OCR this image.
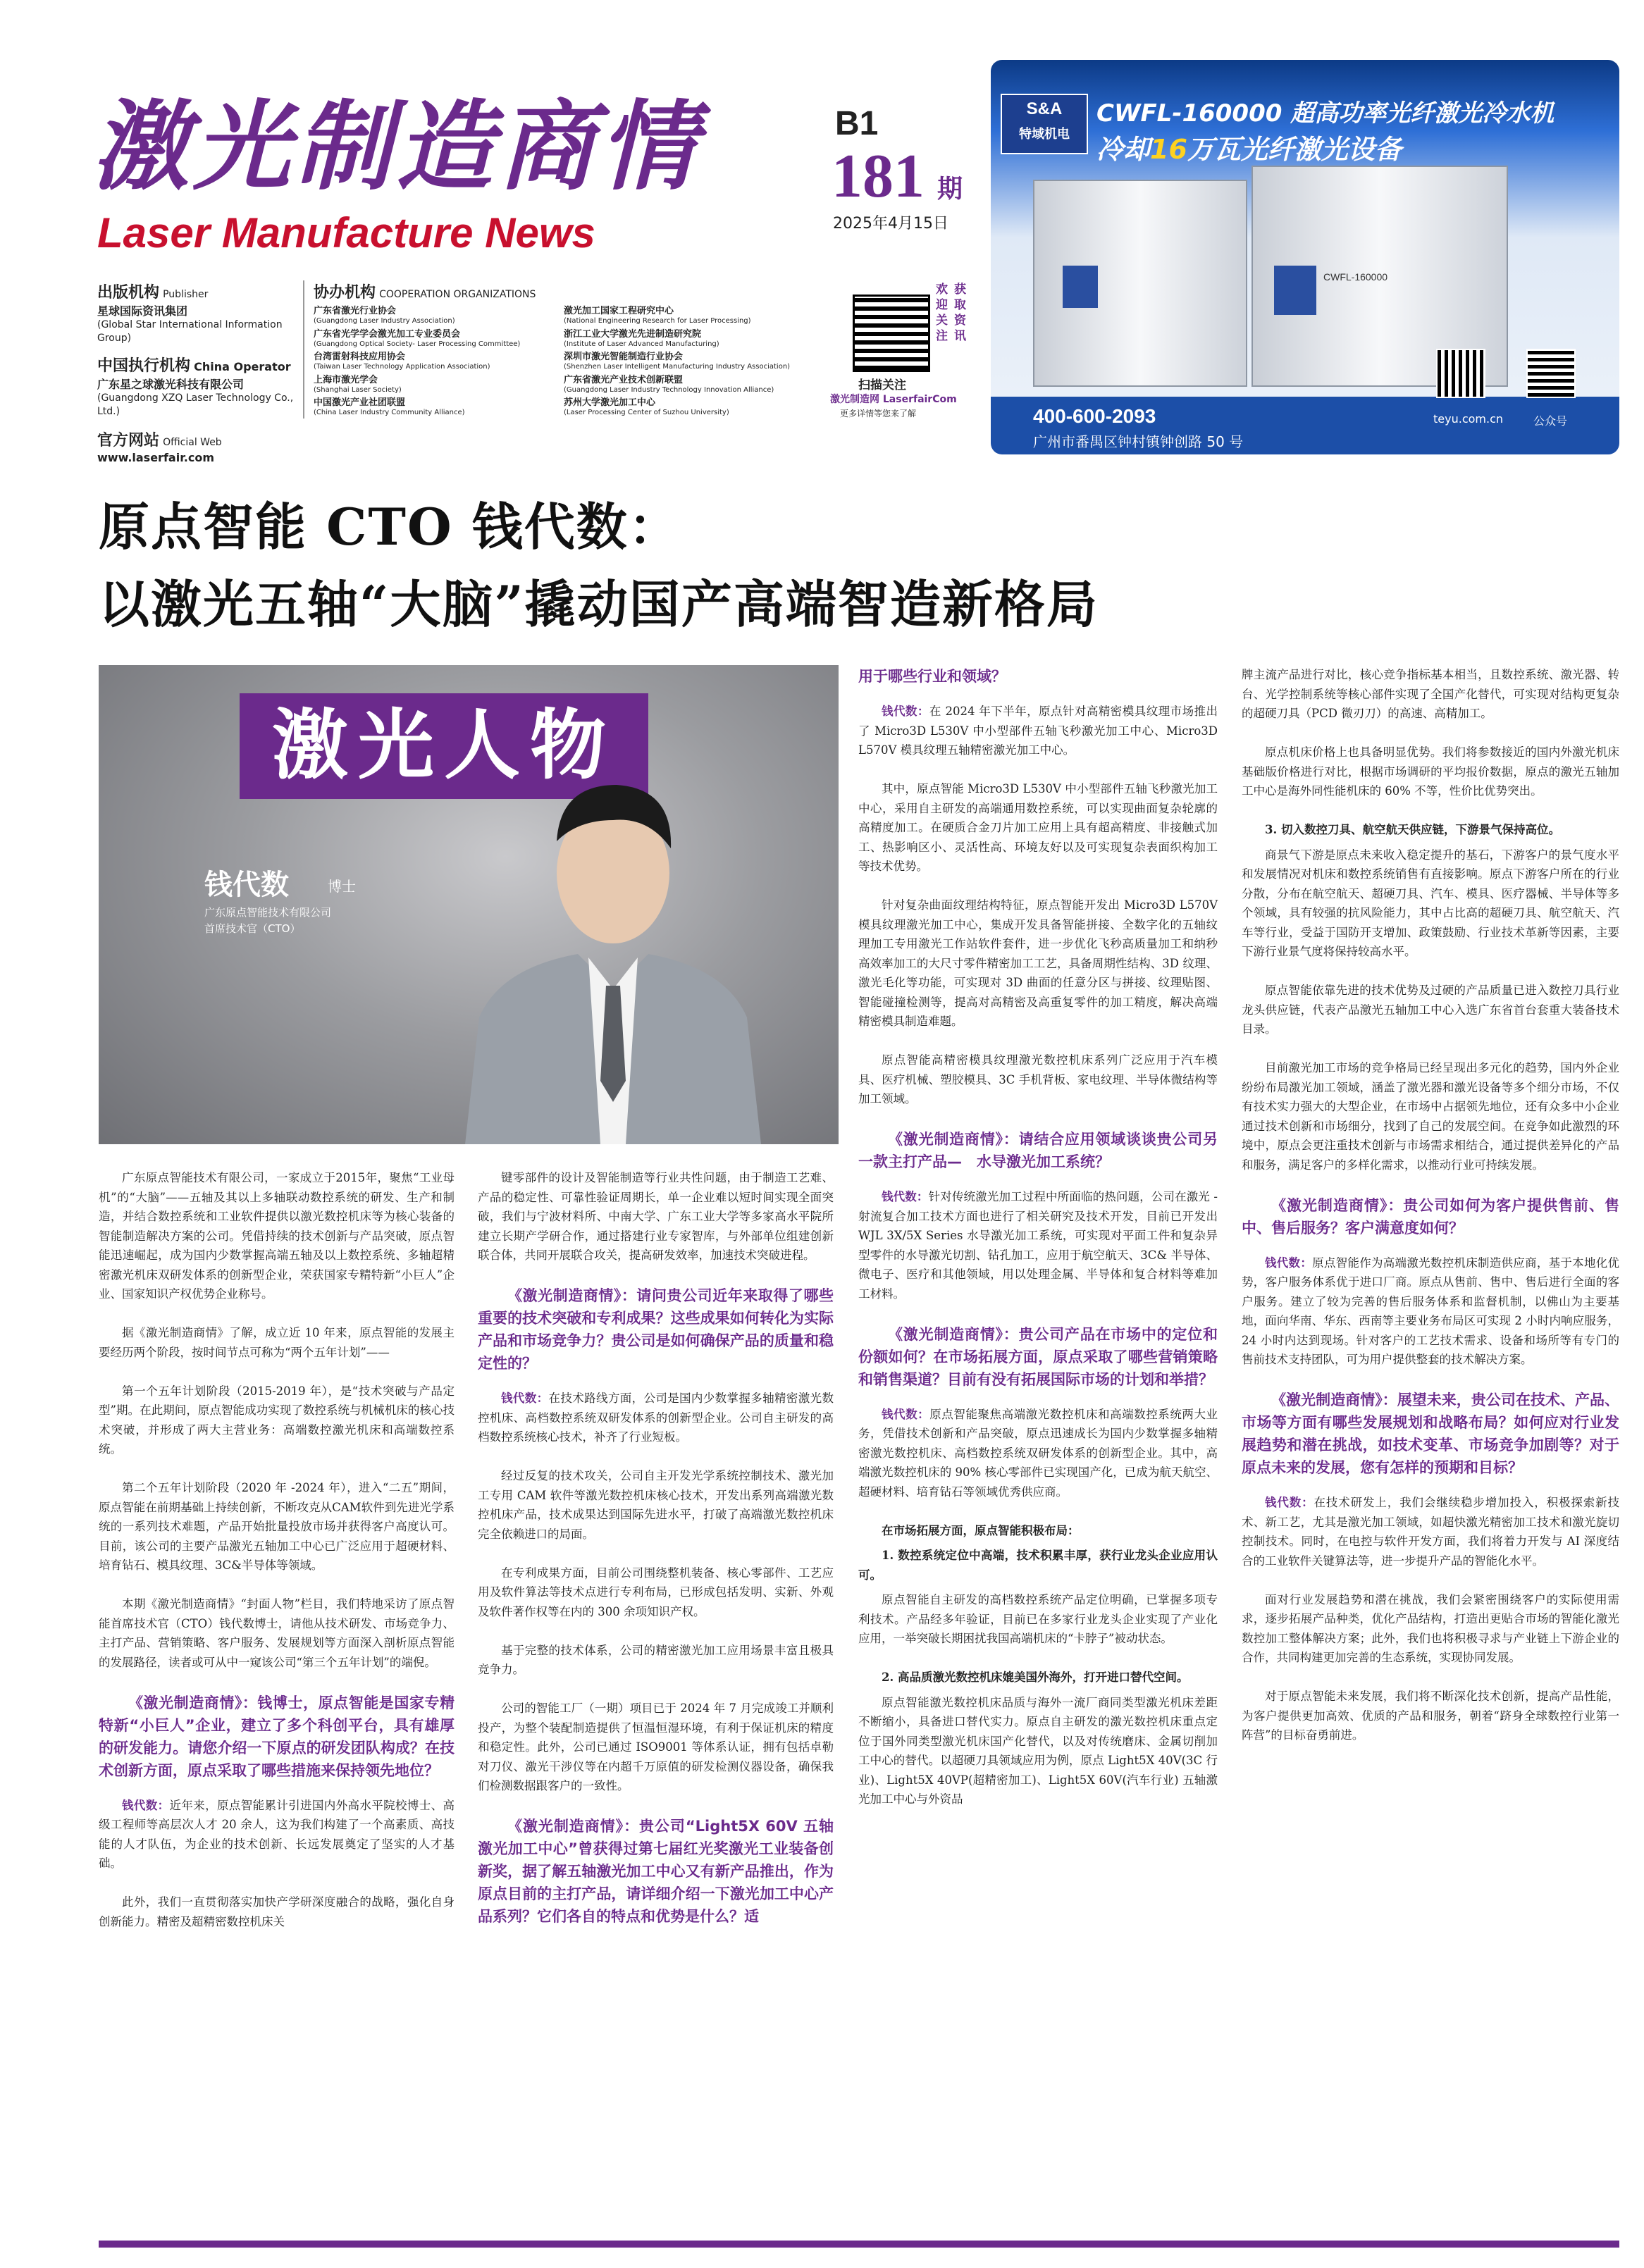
激光制造商情
Laser Manufacture News
B1
181 期
2025年4月15日
出版机构 Publisher
星球国际资讯集团
(Global Star International Information Group)
中国执行机构 China Operator
广东星之球激光科技有限公司
(Guangdong XZQ Laser Technology Co., Ltd.)
官方网站 Official Web
www.laserfair.com
协办机构 COOPERATION ORGANIZATIONS
广东省激光行业协会
(Guangdong Laser Industry Association)
广东省光学学会激光加工专业委员会
(Guangdong Optical Society- Laser Processing Committee)
台湾雷射科技应用协会
(Taiwan Laser Technology Application Association)
上海市激光学会
(Shanghai Laser Society)
中国激光产业社团联盟
(China Laser Industry Community Alliance)
激光加工国家工程研究中心
(National Engineering Research for Laser Processing)
浙江工业大学激光先进制造研究院
(Institute of Laser Advanced Manufacturing)
深圳市激光智能制造行业协会
(Shenzhen Laser Intelligent Manufacturing Industry Association)
广东省激光产业技术创新联盟
(Guangdong Laser Industry Technology Innovation Alliance)
苏州大学激光加工中心
(Laser Processing Center of Suzhou University)
欢迎关注
获取资讯
扫描关注
激光制造网 LaserfairCom
更多详情等您来了解
S&A
特域机电
CWFL-160000 超高功率光纤激光冷水机
冷却16万瓦光纤激光设备
CWFL-160000
400-600-2093
广州市番禺区钟村镇钟创路 50 号
teyu.com.cn	公众号
原点智能 CTO 钱代数：
以激光五轴“大脑”撬动国产高端智造新格局
激光人物
钱代数	博士
广东原点智能技术有限公司
首席技术官（CTO）

广东原点智能技术有限公司，一家成立于2015年，聚焦“工业母机”的“大脑”——五轴及其以上多轴联动数控系统的研发、生产和制造，并结合数控系统和工业软件提供以激光数控机床等为核心装备的智能制造解决方案的公司。凭借持续的技术创新与产品突破，原点智能迅速崛起，成为国内少数掌握高端五轴及以上数控系统、多轴超精密激光机床双研发体系的创新型企业，荣获国家专精特新“小巨人”企业、国家知识产权优势企业称号。

据《激光制造商情》了解，成立近 10 年来，原点智能的发展主要经历两个阶段，按时间节点可称为“两个五年计划”——

第一个五年计划阶段（2015-2019 年），是“技术突破与产品定型”期。在此期间，原点智能成功实现了数控系统与机械机床的核心技术突破，并形成了两大主营业务：高端数控激光机床和高端数控系统。

第二个五年计划阶段（2020 年 -2024 年），进入“二五”期间，原点智能在前期基础上持续创新，不断攻克从CAM软件到先进光学系统的一系列技术难题，产品开始批量投放市场并获得客户高度认可。目前，该公司的主要产品激光五轴加工中心已广泛应用于超硬材料、培育钻石、模具纹理、3C&半导体等领域。

本期《激光制造商情》“封面人物”栏目，我们特地采访了原点智能首席技术官（CTO）钱代数博士，请他从技术研发、市场竞争力、主打产品、营销策略、客户服务、发展规划等方面深入剖析原点智能的发展路径，读者或可从中一窥该公司“第三个五年计划”的端倪。

《激光制造商情》：钱博士，原点智能是国家专精特新“小巨人”企业，建立了多个科创平台，具有雄厚的研发能力。请您介绍一下原点的研发团队构成？在技术创新方面，原点采取了哪些措施来保持领先地位？

钱代数：近年来，原点智能累计引进国内外高水平院校博士、高级工程师等高层次人才 20 余人，这为我们构建了一个高素质、高技能的人才队伍，为企业的技术创新、长远发展奠定了坚实的人才基础。

此外，我们一直贯彻落实加快产学研深度融合的战略，强化自身创新能力。精密及超精密数控机床关

键零部件的设计及智能制造等行业共性问题，由于制造工艺难、产品的稳定性、可靠性验证周期长，单一企业难以短时间实现全面突破，我们与宁波材料所、中南大学、广东工业大学等多家高水平院所建立长期产学研合作，通过搭建行业专家智库，与外部单位组建创新联合体，共同开展联合攻关，提高研发效率，加速技术突破进程。

《激光制造商情》：请问贵公司近年来取得了哪些重要的技术突破和专利成果？这些成果如何转化为实际产品和市场竞争力？贵公司是如何确保产品的质量和稳定性的？

钱代数：在技术路线方面，公司是国内少数掌握多轴精密激光数控机床、高档数控系统双研发体系的创新型企业。公司自主研发的高档数控系统核心技术，补齐了行业短板。

经过反复的技术攻关，公司自主开发光学系统控制技术、激光加工专用 CAM 软件等激光数控机床核心技术，开发出系列高端激光数控机床产品，技术成果达到国际先进水平，打破了高端激光数控机床完全依赖进口的局面。

在专利成果方面，目前公司围绕整机装备、核心零部件、工艺应用及软件算法等技术点进行专利布局，已形成包括发明、实新、外观及软件著作权等在内的 300 余项知识产权。

基于完整的技术体系，公司的精密激光加工应用场景丰富且极具竞争力。

公司的智能工厂（一期）项目已于 2024 年 7 月完成竣工并顺利投产，为整个装配制造提供了恒温恒湿环境，有利于保证机床的精度和稳定性。此外，公司已通过 ISO9001 等体系认证，拥有包括卓勒对刀仪、激光干涉仪等在内超千万原值的研发检测仪器设备，确保我们检测数据跟客户的一致性。

《激光制造商情》：贵公司“Light5X 60V 五轴激光加工中心”曾获得过第七届红光奖激光工业装备创新奖，据了解五轴激光加工中心又有新产品推出，作为原点目前的主打产品，请详细介绍一下激光加工中心产品系列？它们各自的特点和优势是什么？适

用于哪些行业和领域？

钱代数：在 2024 年下半年，原点针对高精密模具纹理市场推出了 Micro3D L530V 中小型部件五轴飞秒激光加工中心、Micro3D L570V 模具纹理五轴精密激光加工中心。

其中，原点智能 Micro3D L530V 中小型部件五轴飞秒激光加工中心，采用自主研发的高端通用数控系统，可以实现曲面复杂轮廓的高精度加工。在硬质合金刀片加工应用上具有超高精度、非接触式加工、热影响区小、灵活性高、环境友好以及可实现复杂表面织构加工等技术优势。

针对复杂曲面纹理结构特征，原点智能开发出 Micro3D L570V 模具纹理激光加工中心，集成开发具备智能拼接、全数字化的五轴纹理加工专用激光工作站软件套件，进一步优化飞秒高质量加工和纳秒高效率加工的大尺寸零件精密加工工艺，具备周期性结构、3D 纹理、激光毛化等功能，可实现对 3D 曲面的任意分区与拼接、纹理贴图、智能碰撞检测等，提高对高精密及高重复零件的加工精度，解决高端精密模具制造难题。

原点智能高精密模具纹理激光数控机床系列广泛应用于汽车模具、医疗机械、塑胶模具、3C 手机背板、家电纹理、半导体微结构等加工领域。

《激光制造商情》：请结合应用领域谈谈贵公司另一款主打产品—　水导激光加工系统？

钱代数：针对传统激光加工过程中所面临的热问题，公司在激光 - 射流复合加工技术方面也进行了相关研究及技术开发，目前已开发出 WJL 3X/5X Series 水导激光加工系统，可实现对平面工件和复杂异型零件的水导激光切割、钻孔加工，应用于航空航天、3C& 半导体、微电子、医疗和其他领域，用以处理金属、半导体和复合材料等难加工材料。

《激光制造商情》：贵公司产品在市场中的定位和份额如何？在市场拓展方面，原点采取了哪些营销策略和销售渠道？目前有没有拓展国际市场的计划和举措？

钱代数：原点智能聚焦高端激光数控机床和高端数控系统两大业务，凭借技术创新和产品突破，原点迅速成长为国内少数掌握多轴精密激光数控机床、高档数控系统双研发体系的创新型企业。其中，高端激光数控机床的 90% 核心零部件已实现国产化，已成为航天航空、超硬材料、培育钻石等领域优秀供应商。

在市场拓展方面，原点智能积极布局：

1. 数控系统定位中高端，技术积累丰厚，获行业龙头企业应用认可。

原点智能自主研发的高档数控系统产品定位明确，已掌握多项专利技术。产品经多年验证，目前已在多家行业龙头企业实现了产业化应用，一举突破长期困扰我国高端机床的“卡脖子”被动状态。

2. 高品质激光数控机床媲美国外海外，打开进口替代空间。

原点智能激光数控机床品质与海外一流厂商同类型激光机床差距不断缩小，具备进口替代实力。原点自主研发的激光数控机床重点定位于国外同类型激光机床国产化替代，以及对传统磨床、金属切削加工中心的替代。以超硬刀具领域应用为例，原点 Light5X 40V(3C 行业)、Light5X 40VP(超精密加工)、Light5X 60V(汽车行业) 五轴激光加工中心与外资品

牌主流产品进行对比，核心竞争指标基本相当，且数控系统、激光器、转台、光学控制系统等核心部件实现了全国产化替代，可实现对结构更复杂的超硬刀具（PCD 微刃刀）的高速、高精加工。

原点机床价格上也具备明显优势。我们将参数接近的国内外激光机床基础版价格进行对比，根据市场调研的平均报价数据，原点的激光五轴加工中心是海外同性能机床的 60% 不等，性价比优势突出。

3. 切入数控刀具、航空航天供应链，下游景气保持高位。

商景气下游是原点未来收入稳定提升的基石，下游客户的景气度水平和发展情况对机床和数控系统销售有直接影响。原点下游客户所在的行业分散，分布在航空航天、超硬刀具、汽车、模具、医疗器械、半导体等多个领域，具有较强的抗风险能力，其中占比高的超硬刀具、航空航天、汽车等行业，受益于国防开支增加、政策鼓励、行业技术革新等因素，主要下游行业景气度将保持较高水平。

原点智能依靠先进的技术优势及过硬的产品质量已进入数控刀具行业龙头供应链，代表产品激光五轴加工中心入选广东省首台套重大装备技术目录。

目前激光加工市场的竞争格局已经呈现出多元化的趋势，国内外企业纷纷布局激光加工领域，涵盖了激光器和激光设备等多个细分市场，不仅有技术实力强大的大型企业，在市场中占据领先地位，还有众多中小企业通过技术创新和市场细分，找到了自己的发展空间。在竞争如此激烈的环境中，原点会更注重技术创新与市场需求相结合，通过提供差异化的产品和服务，满足客户的多样化需求，以推动行业可持续发展。

《激光制造商情》：贵公司如何为客户提供售前、售中、售后服务？客户满意度如何？

钱代数：原点智能作为高端激光数控机床制造供应商，基于本地化优势，客户服务体系优于进口厂商。原点从售前、售中、售后进行全面的客户服务。建立了较为完善的售后服务体系和监督机制，以佛山为主要基地，面向华南、华东、西南等主要业务布局区可实现 2 小时内响应服务，24 小时内达到现场。针对客户的工艺技术需求、设备和场所等有专门的售前技术支持团队，可为用户提供整套的技术解决方案。

《激光制造商情》：展望未来，贵公司在技术、产品、市场等方面有哪些发展规划和战略布局？如何应对行业发展趋势和潜在挑战，如技术变革、市场竞争加剧等？对于原点未来的发展，您有怎样的预期和目标？

钱代数：在技术研发上，我们会继续稳步增加投入，积极探索新技术、新工艺，尤其是激光加工领域，如超快激光精密加工技术和激光旋切控制技术。同时，在电控与软件开发方面，我们将着力开发与 AI 深度结合的工业软件关键算法等，进一步提升产品的智能化水平。

面对行业发展趋势和潜在挑战，我们会紧密围绕客户的实际使用需求，逐步拓展产品种类，优化产品结构，打造出更贴合市场的智能化激光数控加工整体解决方案；此外，我们也将积极寻求与产业链上下游企业的合作，共同构建更加完善的生态系统，实现协同发展。

对于原点智能未来发展，我们将不断深化技术创新，提高产品性能，为客户提供更加高效、优质的产品和服务，朝着“跻身全球数控行业第一阵营”的目标奋勇前进。
